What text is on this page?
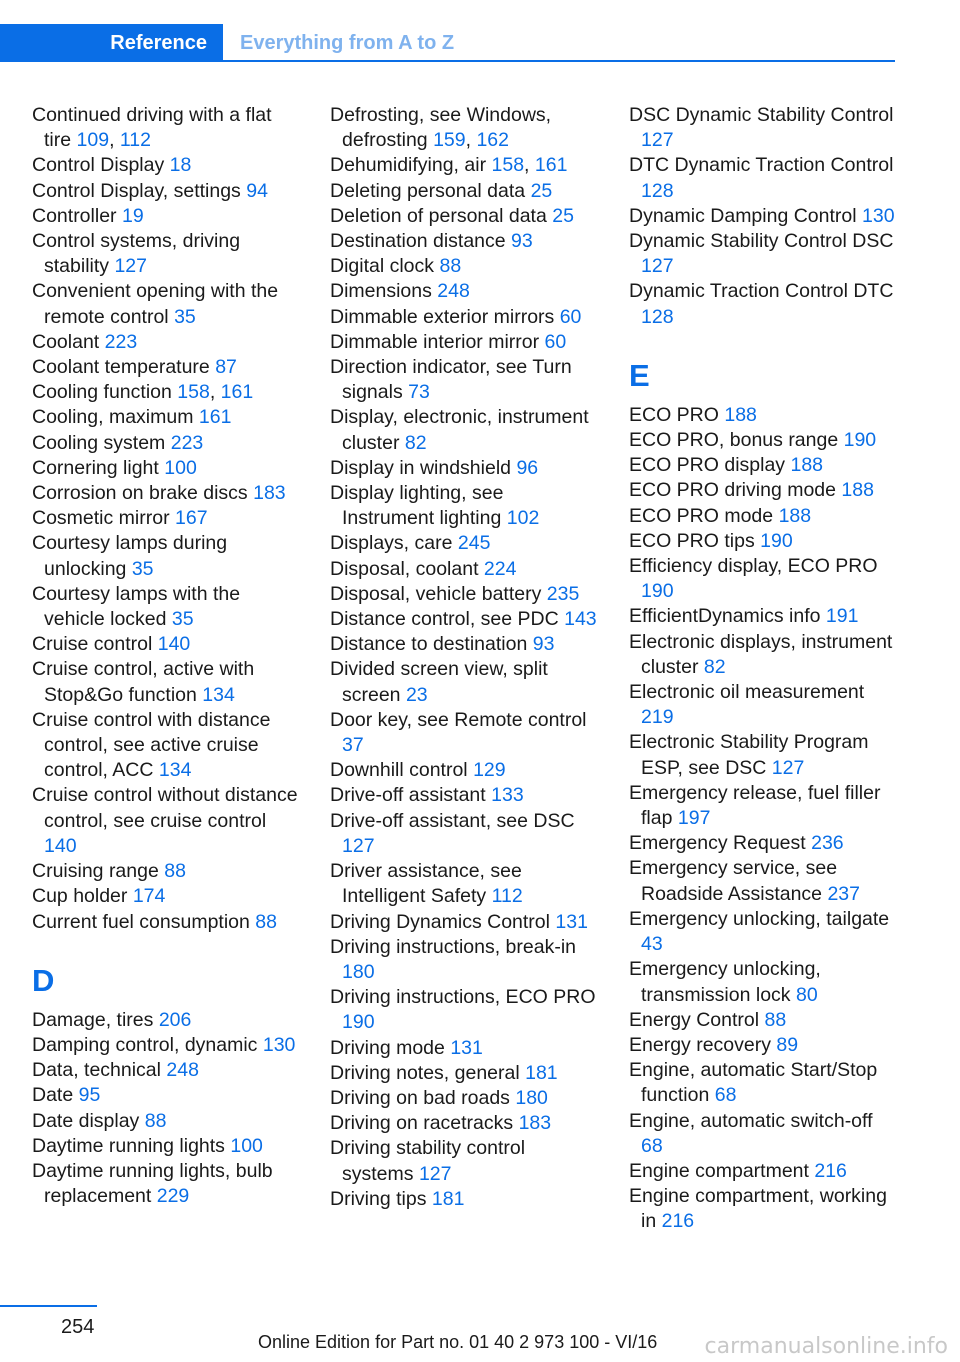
Reference	Everything from A to Z
Continued driving with a flat tire 109, 112
Control Display 18
Control Display, settings 94
Controller 19
Control systems, driving stability 127
Convenient opening with the remote control 35
Coolant 223
Coolant temperature 87
Cooling function 158, 161
Cooling, maximum 161
Cooling system 223
Cornering light 100
Corrosion on brake discs 183
Cosmetic mirror 167
Courtesy lamps during unlocking 35
Courtesy lamps with the vehicle locked 35
Cruise control 140
Cruise control, active with Stop&Go function 134
Cruise control with distance control, see active cruise control, ACC 134
Cruise control without distance control, see cruise control 140
Cruising range 88
Cup holder 174
Current fuel consumption 88
D
Damage, tires 206
Damping control, dynamic 130
Data, technical 248
Date 95
Date display 88
Daytime running lights 100
Daytime running lights, bulb replacement 229
Defrosting, see Windows, defrosting 159, 162
Dehumidifying, air 158, 161
Deleting personal data 25
Deletion of personal data 25
Destination distance 93
Digital clock 88
Dimensions 248
Dimmable exterior mirrors 60
Dimmable interior mirror 60
Direction indicator, see Turn signals 73
Display, electronic, instrument cluster 82
Display in windshield 96
Display lighting, see Instrument lighting 102
Displays, care 245
Disposal, coolant 224
Disposal, vehicle battery 235
Distance control, see PDC 143
Distance to destination 93
Divided screen view, split screen 23
Door key, see Remote control 37
Downhill control 129
Drive-off assistant 133
Drive-off assistant, see DSC 127
Driver assistance, see Intelligent Safety 112
Driving Dynamics Control 131
Driving instructions, break-in 180
Driving instructions, ECO PRO 190
Driving mode 131
Driving notes, general 181
Driving on bad roads 180
Driving on racetracks 183
Driving stability control systems 127
Driving tips 181
DSC Dynamic Stability Control 127
DTC Dynamic Traction Control 128
Dynamic Damping Control 130
Dynamic Stability Control DSC 127
Dynamic Traction Control DTC 128
E
ECO PRO 188
ECO PRO, bonus range 190
ECO PRO display 188
ECO PRO driving mode 188
ECO PRO mode 188
ECO PRO tips 190
Efficiency display, ECO PRO 190
EfficientDynamics info 191
Electronic displays, instrument cluster 82
Electronic oil measurement 219
Electronic Stability Program ESP, see DSC 127
Emergency release, fuel filler flap 197
Emergency Request 236
Emergency service, see Roadside Assistance 237
Emergency unlocking, tailgate 43
Emergency unlocking, transmission lock 80
Energy Control 88
Energy recovery 89
Engine, automatic Start/Stop function 68
Engine, automatic switch-off 68
Engine compartment 216
Engine compartment, working in 216
254
Online Edition for Part no. 01 40 2 973 100 - VI/16 carmanualsonline.info
